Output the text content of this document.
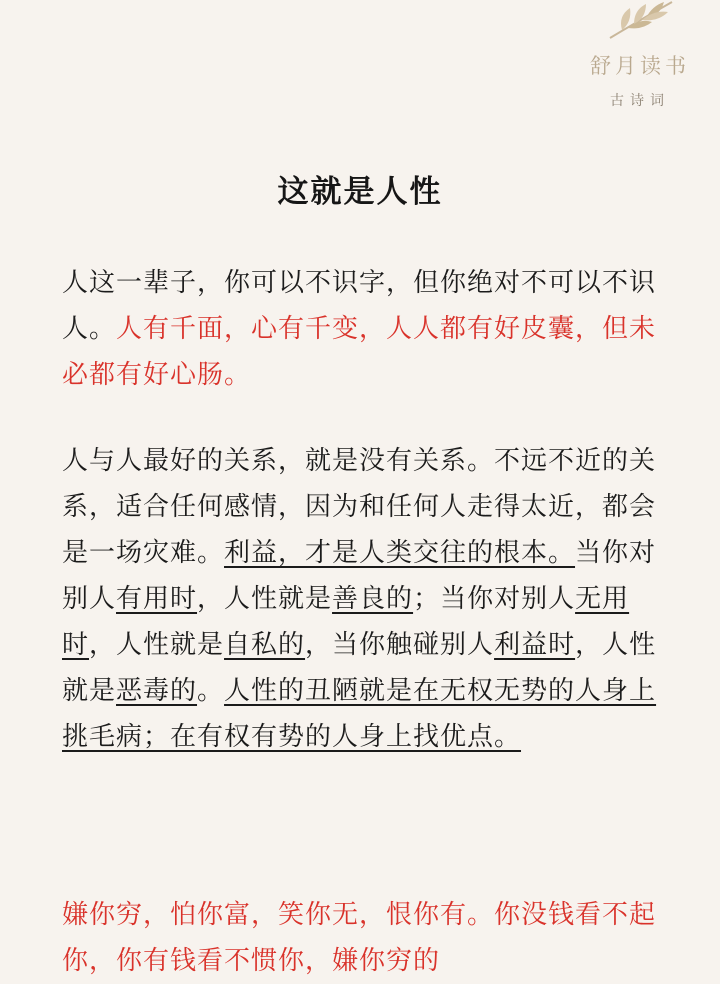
舒月读书
古诗词
这就是人性
人这一辈子，你可以不识字，但你绝对不可以不识人。人有千面，心有千变，人人都有好皮囊，但未必都有好心肠。
人与人最好的关系，就是没有关系。不远不近的关系，适合任何感情，因为和任何人走得太近，都会是一场灾难。利益，才是人类交往的根本。当你对别人有用时，人性就是善良的；当你对别人无用时，人性就是自私的，当你触碰别人利益时，人性就是恶毒的。人性的丑陋就是在无权无势的人身上挑毛病；在有权有势的人身上找优点。
嫌你穷，怕你富，笑你无，恨你有。你没钱看不起你，你有钱看不惯你，嫌你穷的
